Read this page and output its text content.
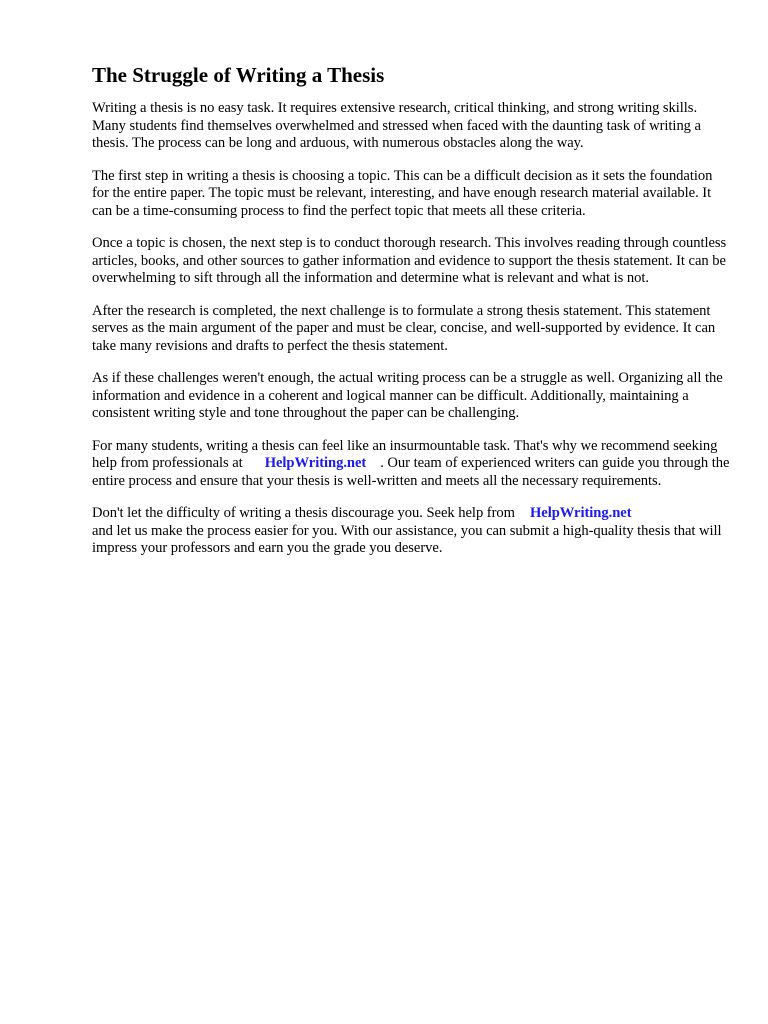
The Struggle of Writing a Thesis

Writing a thesis is no easy task. It requires extensive research, critical thinking, and strong writing skills. Many students find themselves overwhelmed and stressed when faced with the daunting task of writing a thesis. The process can be long and arduous, with numerous obstacles along the way.

The first step in writing a thesis is choosing a topic. This can be a difficult decision as it sets the foundation for the entire paper. The topic must be relevant, interesting, and have enough research material available. It can be a time-consuming process to find the perfect topic that meets all these criteria.

Once a topic is chosen, the next step is to conduct thorough research. This involves reading through countless articles, books, and other sources to gather information and evidence to support the thesis statement. It can be overwhelming to sift through all the information and determine what is relevant and what is not.

After the research is completed, the next challenge is to formulate a strong thesis statement. This statement serves as the main argument of the paper and must be clear, concise, and well-supported by evidence. It can take many revisions and drafts to perfect the thesis statement.

As if these challenges weren't enough, the actual writing process can be a struggle as well. Organizing all the information and evidence in a coherent and logical manner can be difficult. Additionally, maintaining a consistent writing style and tone throughout the paper can be challenging.

For many students, writing a thesis can feel like an insurmountable task. That's why we recommend seeking help from professionals at HelpWriting.net . Our team of experienced writers can guide you through the entire process and ensure that your thesis is well-written and meets all the necessary requirements.

Don't let the difficulty of writing a thesis discourage you. Seek help from HelpWriting.net
and let us make the process easier for you. With our assistance, you can submit a high-quality thesis that will impress your professors and earn you the grade you deserve.
